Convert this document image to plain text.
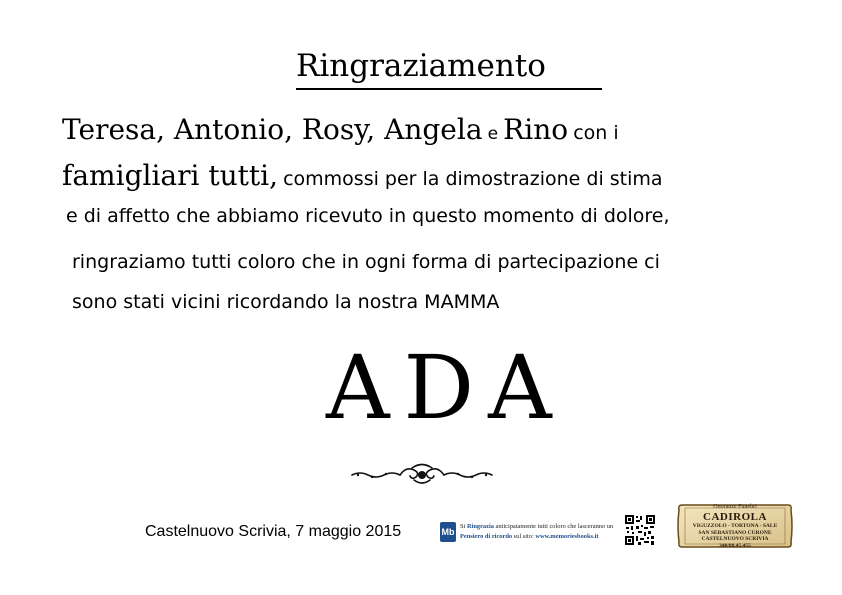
Ringraziamento
Teresa, Antonio, Rosy, Angela e Rino con i
famigliari tutti, commossi per la dimostrazione di stima
e di affetto che abbiamo ricevuto in questo momento di dolore,
ringraziamo tutti coloro che in ogni forma di partecipazione ci
sono stati vicini ricordando la nostra MAMMA
ADA
Castelnuovo Scrivia, 7 maggio 2015	Mb
Si Ringrazia anticipatamente tutti coloro che lasceranno un Pensiero di ricordo sul sito: www.memoriesbooks.it
Onoranze Funebri
CADIROLA
VIGUZZOLO - TORTONA - SALE
SAN SEBASTIANO CURONE
CASTELNUOVO SCRIVIA
340/88.45.455
